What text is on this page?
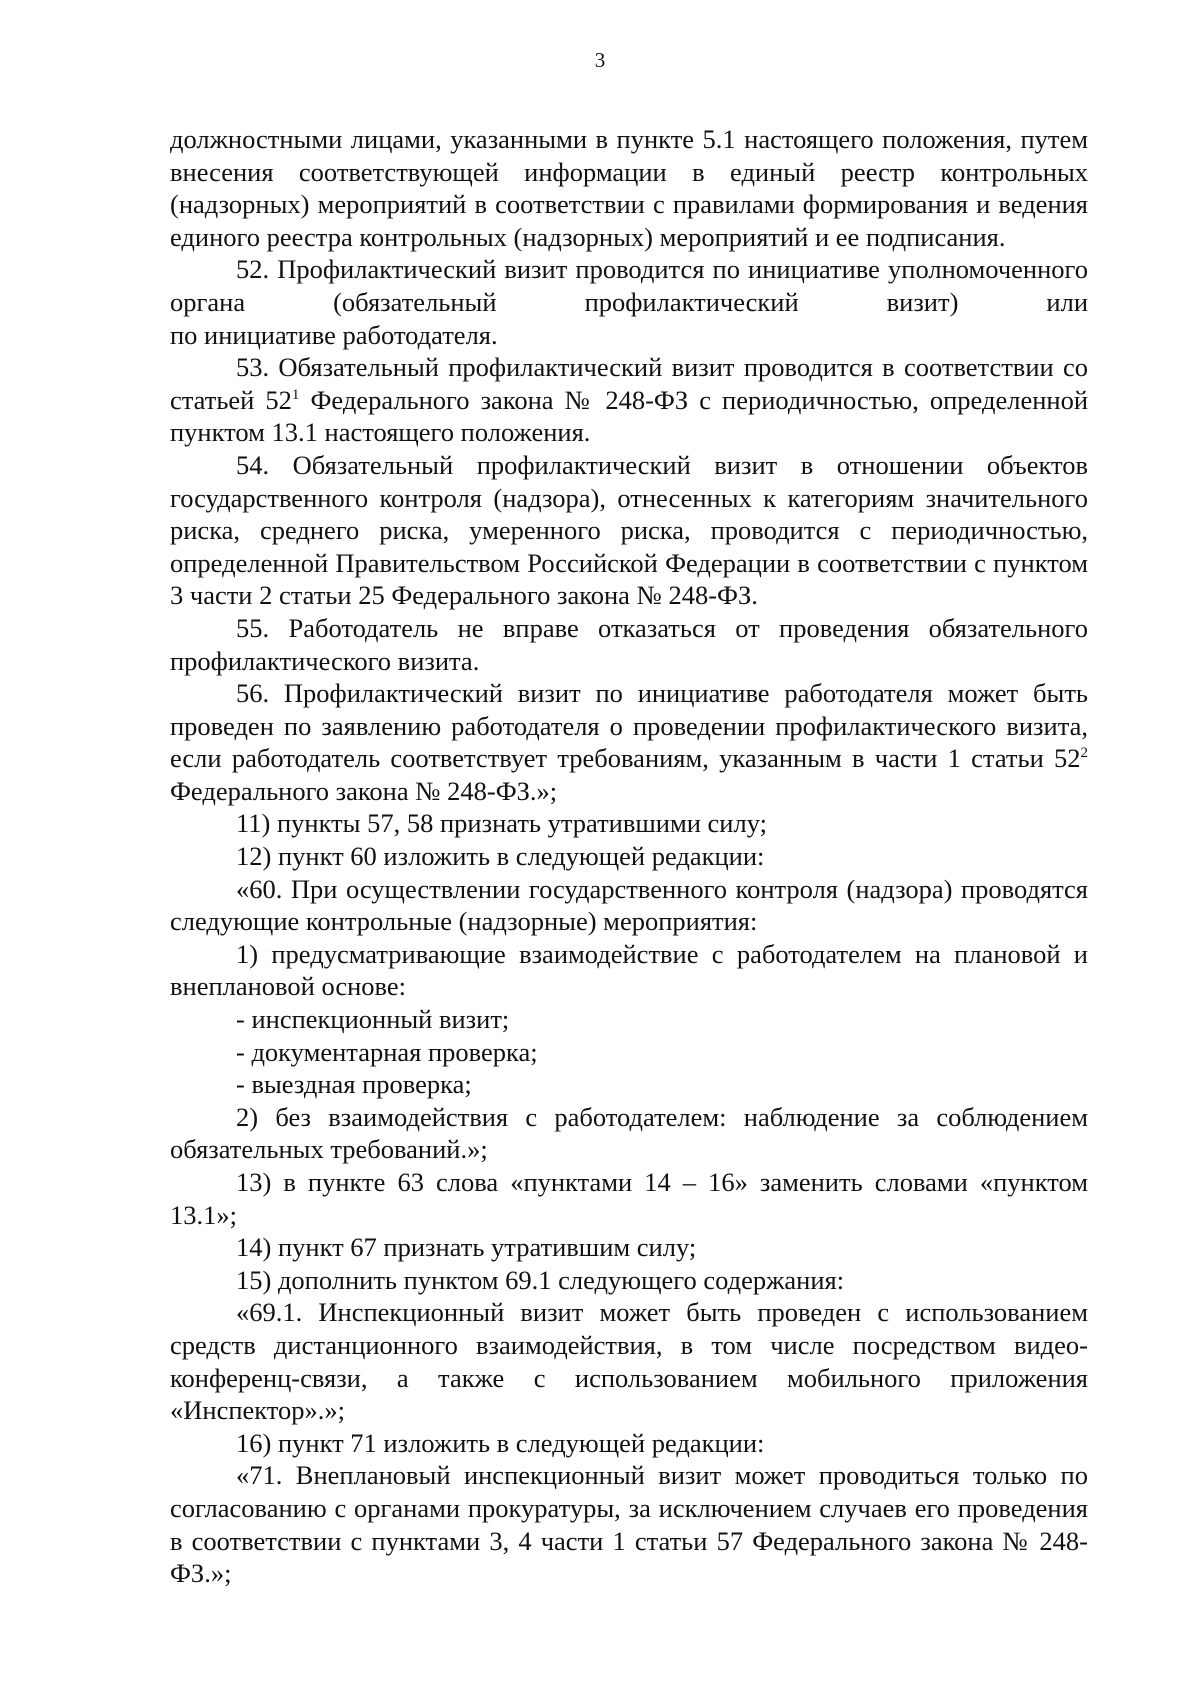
3

должностными лицами, указанными в пункте 5.1 настоящего положения, путем внесения соответствующей информации в единый реестр контрольных (надзорных) мероприятий в соответствии с правилами формирования и ведения единого реестра контрольных (надзорных) мероприятий и ее подписания.

52. Профилактический визит проводится по инициативе уполномоченного

органа (обязательный профилактический визит) или

по инициативе работодателя.

53. Обязательный профилактический визит проводится в соответствии со статьей $52^1$ Федерального закона № 248-ФЗ с периодичностью, определенной пунктом 13.1 настоящего положения.

54. Обязательный профилактический визит в отношении объектов государственного контроля (надзора), отнесенных к категориям значительного риска, среднего риска, умеренного риска, проводится с периодичностью, определенной Правительством Российской Федерации в соответствии с пунктом 3 части 2 статьи 25 Федерального закона № 248-ФЗ.

55. Работодатель не вправе отказаться от проведения обязательного профилактического визита.

56. Профилактический визит по инициативе работодателя может быть проведен по заявлению работодателя о проведении профилактического визита, если работодатель соответствует требованиям, указанным в части 1 статьи $52^2$ Федерального закона № 248-ФЗ.»;

11) пункты 57, 58 признать утратившими силу;

12) пункт 60 изложить в следующей редакции:

«60. При осуществлении государственного контроля (надзора) проводятся следующие контрольные (надзорные) мероприятия:

1) предусматривающие взаимодействие с работодателем на плановой и внеплановой основе:

- инспекционный визит;

- документарная проверка;

- выездная проверка;

2) без взаимодействия с работодателем: наблюдение за соблюдением обязательных требований.»;

13) в пункте 63 слова «пунктами 14 – 16» заменить словами «пунктом 13.1»;

14) пункт 67 признать утратившим силу;

15) дополнить пунктом 69.1 следующего содержания:

«69.1. Инспекционный визит может быть проведен с использованием средств дистанционного взаимодействия, в том числе посредством видео-конференц-связи, а также с использованием мобильного приложения «Инспектор».»;

16) пункт 71 изложить в следующей редакции:

«71. Внеплановый инспекционный визит может проводиться только по согласованию с органами прокуратуры, за исключением случаев его проведения в соответствии с пунктами 3, 4 части 1 статьи 57 Федерального закона № 248-ФЗ.»;
